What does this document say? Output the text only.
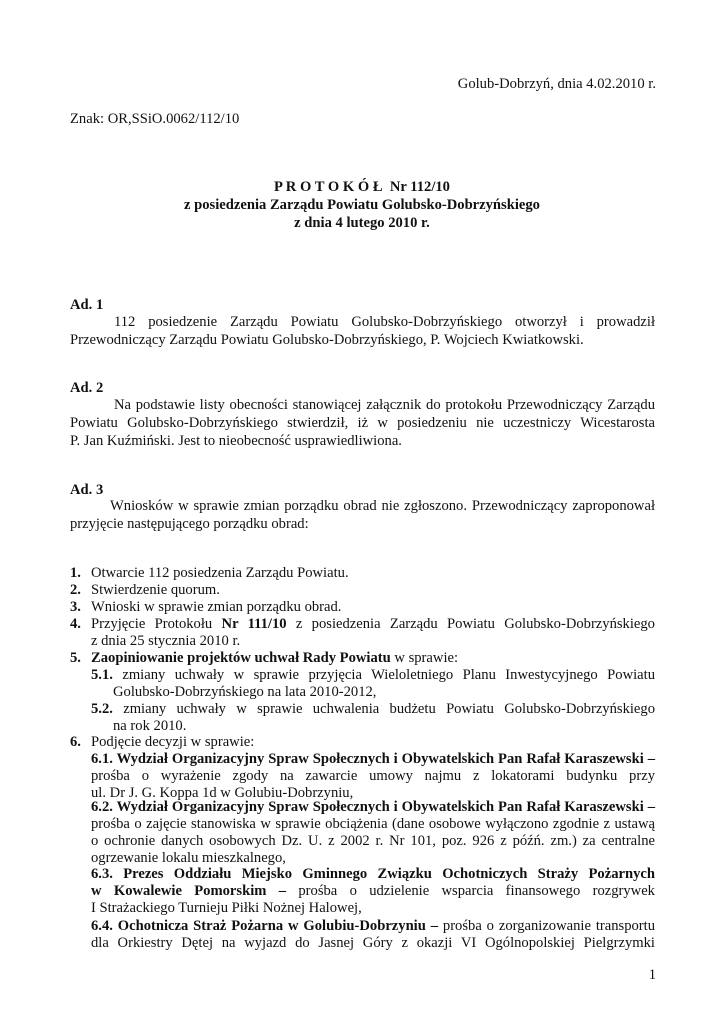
Golub-Dobrzyń, dnia 4.02.2010 r.
Znak: OR,SSiO.0062/112/10
P R O T O K Ó Ł  Nr 112/10
z posiedzenia Zarządu Powiatu Golubsko-Dobrzyńskiego
z dnia 4 lutego 2010 r.
Ad. 1
112 posiedzenie Zarządu Powiatu Golubsko-Dobrzyńskiego otworzył i prowadził
Przewodniczący Zarządu Powiatu Golubsko-Dobrzyńskiego, P. Wojciech Kwiatkowski.
Ad. 2
Na podstawie listy obecności stanowiącej załącznik do protokołu Przewodniczący Zarządu
Powiatu Golubsko-Dobrzyńskiego stwierdził, iż w posiedzeniu nie uczestniczy Wicestarosta
P. Jan Kuźmiński. Jest to nieobecność usprawiedliwiona.
Ad. 3
Wniosków w sprawie zmian porządku obrad nie zgłoszono. Przewodniczący zaproponował
przyjęcie następującego porządku obrad:
1. Otwarcie 112 posiedzenia Zarządu Powiatu.
2. Stwierdzenie quorum.
3. Wnioski w sprawie zmian porządku obrad.
4. Przyjęcie Protokołu Nr 111/10 z posiedzenia Zarządu Powiatu Golubsko-Dobrzyńskiego
z dnia 25 stycznia 2010 r.
5. Zaopiniowanie projektów uchwał Rady Powiatu w sprawie:
5.1. zmiany uchwały w sprawie przyjęcia Wieloletniego Planu Inwestycyjnego Powiatu
Golubsko-Dobrzyńskiego na lata 2010-2012,
5.2. zmiany uchwały w sprawie uchwalenia budżetu Powiatu Golubsko-Dobrzyńskiego
na rok 2010.
6. Podjęcie decyzji w sprawie:
6.1. Wydział Organizacyjny Spraw Społecznych i Obywatelskich Pan Rafał Karaszewski –
prośba o wyrażenie zgody na zawarcie umowy najmu z lokatorami budynku przy
ul. Dr J. G. Koppa 1d w Golubiu-Dobrzyniu,
6.2. Wydział Organizacyjny Spraw Społecznych i Obywatelskich Pan Rafał Karaszewski –
prośba o zajęcie stanowiska w sprawie obciążenia (dane osobowe wyłączono zgodnie z ustawą
o ochronie danych osobowych Dz. U. z 2002 r. Nr 101, poz. 926 z późń. zm.) za centralne
ogrzewanie lokalu mieszkalnego,
6.3. Prezes Oddziału Miejsko Gminnego Związku Ochotniczych Straży Pożarnych
w Kowalewie Pomorskim – prośba o udzielenie wsparcia finansowego rozgrywek
I Strażackiego Turnieju Piłki Nożnej Halowej,
6.4. Ochotnicza Straż Pożarna w Golubiu-Dobrzyniu – prośba o zorganizowanie transportu
dla Orkiestry Dętej na wyjazd do Jasnej Góry z okazji VI Ogólnopolskiej Pielgrzymki
1
